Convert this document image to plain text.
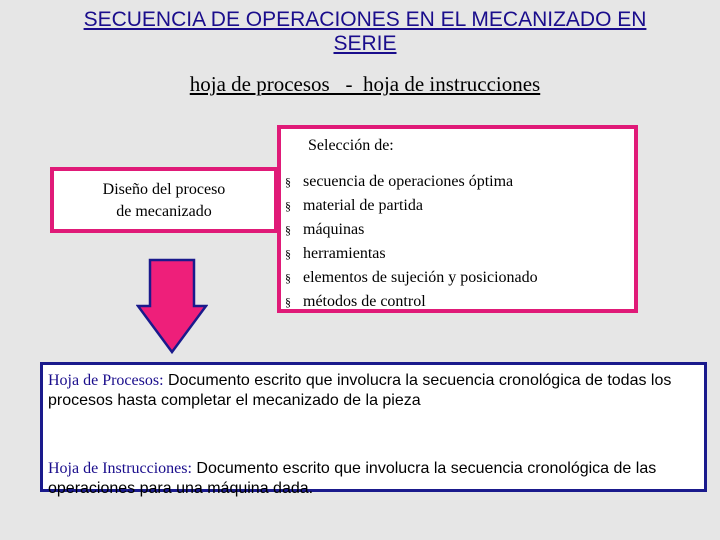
SECUENCIA DE OPERACIONES EN EL MECANIZADO EN
SERIE
hoja de procesos   -  hoja de instrucciones
Selección de:
§ secuencia de operaciones óptima
§ material de partida
§ máquinas
§ herramientas
§ elementos de sujeción y posicionado
§ métodos de control
Diseño del proceso
de mecanizado

Hoja de Procesos: Documento escrito que involucra la secuencia cronológica de todas los procesos hasta completar el mecanizado de la pieza

Hoja de Instrucciones: Documento escrito que involucra la secuencia cronológica de las operaciones para una máquina dada.
